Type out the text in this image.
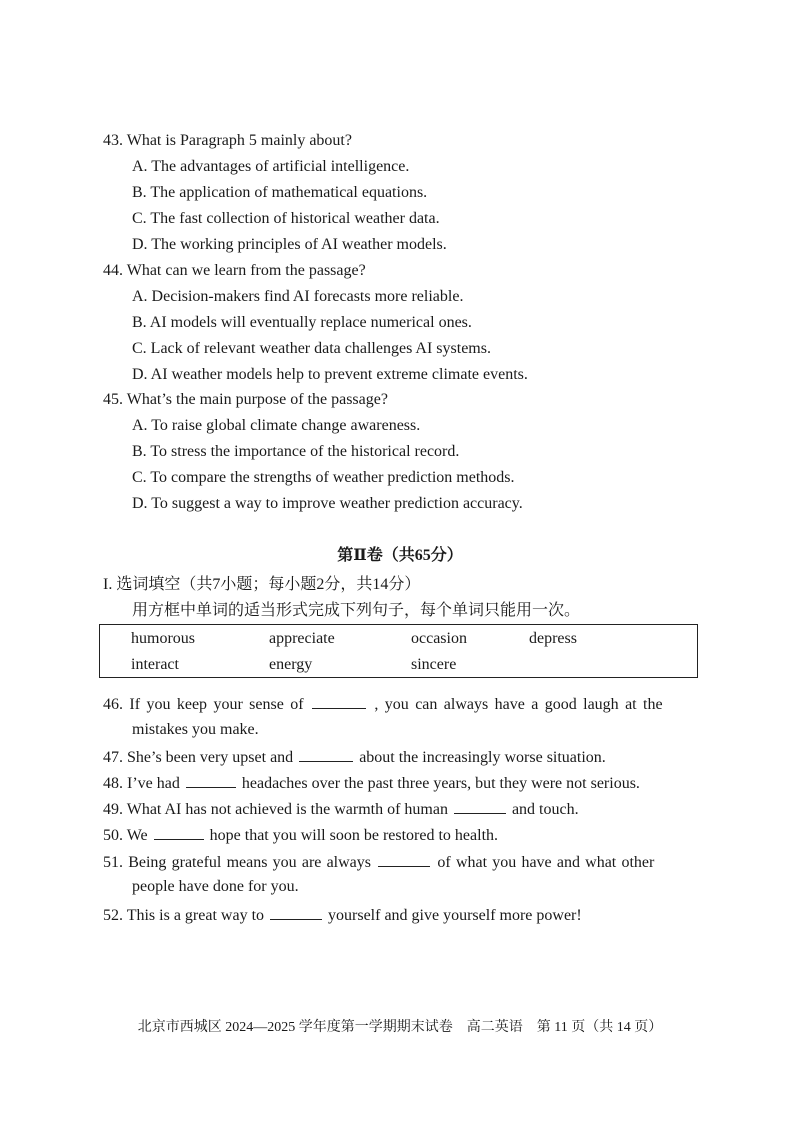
43. What is Paragraph 5 mainly about?
A. The advantages of artificial intelligence.
B. The application of mathematical equations.
C. The fast collection of historical weather data.
D. The working principles of AI weather models.
44. What can we learn from the passage?
A. Decision-makers find AI forecasts more reliable.
B. AI models will eventually replace numerical ones.
C. Lack of relevant weather data challenges AI systems.
D. AI weather models help to prevent extreme climate events.
45. What’s the main purpose of the passage?
A. To raise global climate change awareness.
B. To stress the importance of the historical record.
C. To compare the strengths of weather prediction methods.
D. To suggest a way to improve weather prediction accuracy.
第Ⅱ卷（共65分）
I. 选词填空（共7小题；每小题2分，共14分）
用方框中单词的适当形式完成下列句子，每个单词只能用一次。
humorous	appreciate	occasion	depress
interact	energy	sincere
46. If you keep your sense of	, you can always have a good laugh at the
mistakes you make.
47. She’s been very upset and	about the increasingly worse situation.
48. I’ve had	headaches over the past three years, but they were not serious.
49. What AI has not achieved is the warmth of human	and touch.
50. We	hope that you will soon be restored to health.
51. Being grateful means you are always	of what you have and what other
people have done for you.
52. This is a great way to	yourself and give yourself more power!
北京市西城区 2024—2025 学年度第一学期期末试卷　高二英语　第 11 页（共 14 页）
